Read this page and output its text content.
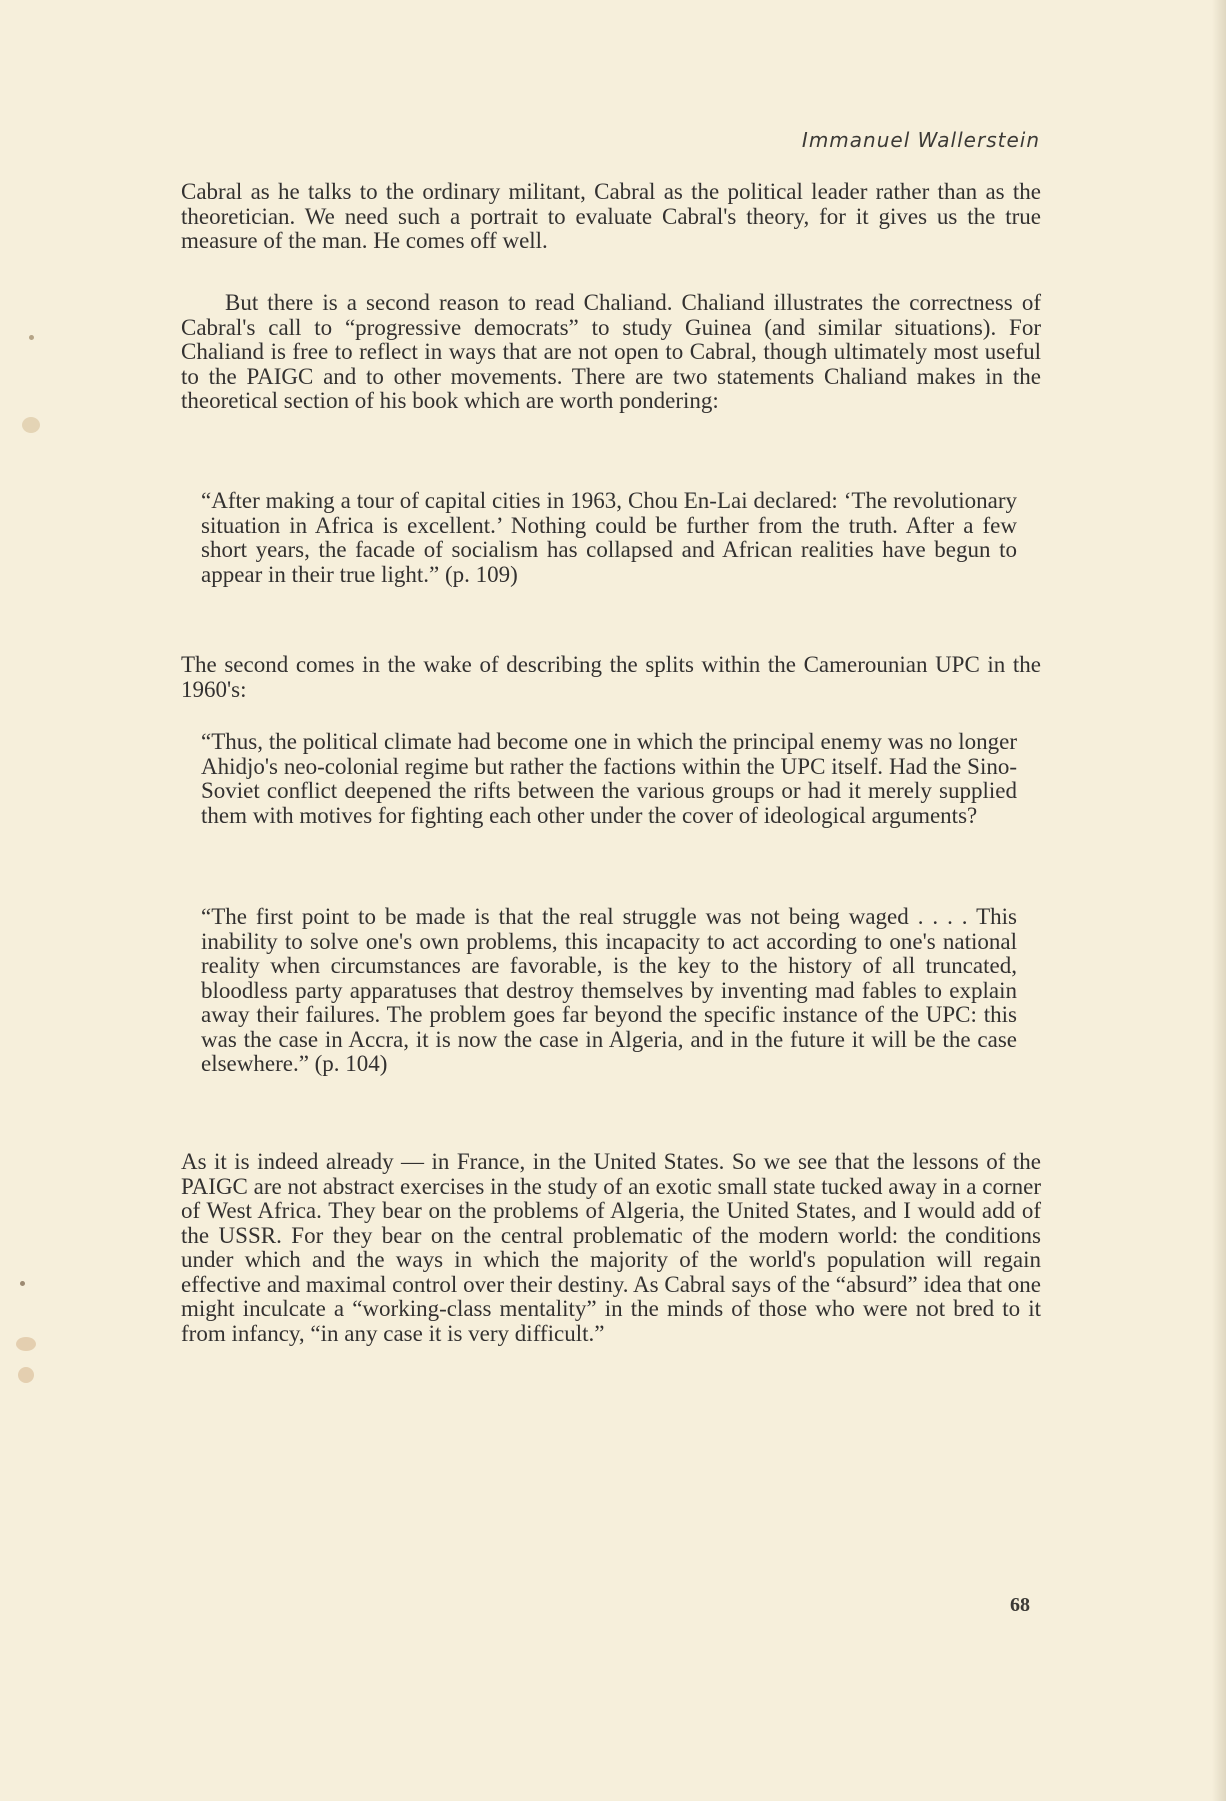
Immanuel Wallerstein

Cabral as he talks to the ordinary militant, Cabral as the political leader rather than as the theoretician. We need such a portrait to evaluate Cabral's theory, for it gives us the true measure of the man. He comes off well.

But there is a second reason to read Chaliand. Chaliand illustrates the correctness of Cabral's call to “progressive democrats” to study Guinea (and similar situations). For Chaliand is free to reflect in ways that are not open to Cabral, though ultimately most useful to the PAIGC and to other movements. There are two statements Chaliand makes in the theoretical section of his book which are worth pondering:

“After making a tour of capital cities in 1963, Chou En-Lai declared: ‘The revolutionary situation in Africa is excellent.’ Nothing could be further from the truth. After a few short years, the facade of socialism has collapsed and African realities have begun to appear in their true light.” (p. 109)

The second comes in the wake of describing the splits within the Camerounian UPC in the 1960's:

“Thus, the political climate had become one in which the principal enemy was no longer Ahidjo's neo-colonial regime but rather the factions within the UPC itself. Had the Sino-Soviet conflict deepened the rifts between the various groups or had it merely supplied them with motives for fighting each other under the cover of ideological arguments?

“The first point to be made is that the real struggle was not being waged . . . . This inability to solve one's own problems, this incapacity to act according to one's national reality when circumstances are favorable, is the key to the history of all truncated, bloodless party apparatuses that destroy themselves by inventing mad fables to explain away their failures. The problem goes far beyond the specific instance of the UPC: this was the case in Accra, it is now the case in Algeria, and in the future it will be the case elsewhere.” (p. 104)

As it is indeed already — in France, in the United States. So we see that the lessons of the PAIGC are not abstract exercises in the study of an exotic small state tucked away in a corner of West Africa. They bear on the problems of Algeria, the United States, and I would add of the USSR. For they bear on the central problematic of the modern world: the conditions under which and the ways in which the majority of the world's population will regain effective and maximal control over their destiny. As Cabral says of the “absurd” idea that one might inculcate a “working-class mentality” in the minds of those who were not bred to it from infancy, “in any case it is very difficult.”

68
